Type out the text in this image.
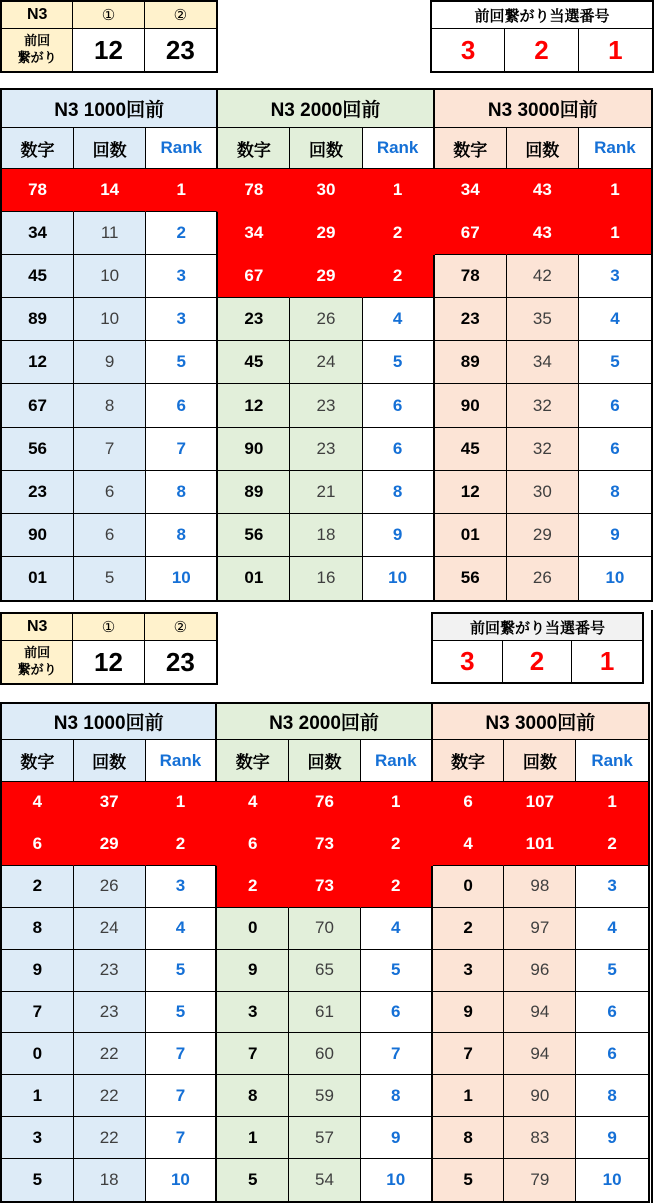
N3	①	②
前回
繋がり	12	23
前回繋がり当選番号
3	2	1
N3 1000回前	N3 2000回前	N3 3000回前
数字	回数	Rank	数字	回数	Rank	数字	回数	Rank
78	14	1	78	30	1	34	43	1
34	11	2	34	29	2	67	43	1
45	10	3	67	29	2	78	42	3
89	10	3	23	26	4	23	35	4
12	9	5	45	24	5	89	34	5
67	8	6	12	23	6	90	32	6
56	7	7	90	23	6	45	32	6
23	6	8	89	21	8	12	30	8
90	6	8	56	18	9	01	29	9
01	5	10	01	16	10	56	26	10
N3	①	②
前回
繋がり	12	23
前回繋がり当選番号
3	2	1
N3 1000回前	N3 2000回前	N3 3000回前
数字	回数	Rank	数字	回数	Rank	数字	回数	Rank
4	37	1	4	76	1	6	107	1
6	29	2	6	73	2	4	101	2
2	26	3	2	73	2	0	98	3
8	24	4	0	70	4	2	97	4
9	23	5	9	65	5	3	96	5
7	23	5	3	61	6	9	94	6
0	22	7	7	60	7	7	94	6
1	22	7	8	59	8	1	90	8
3	22	7	1	57	9	8	83	9
5	18	10	5	54	10	5	79	10
